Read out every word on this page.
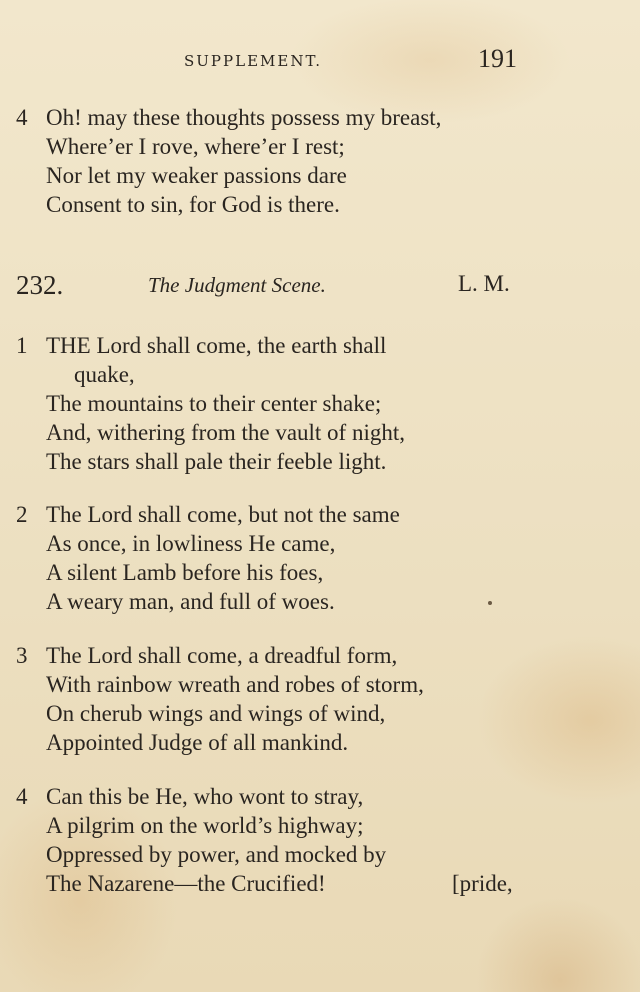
SUPPLEMENT.	191
4 Oh! may these thoughts possess my breast,
Where’er I rove, where’er I rest;
Nor let my weaker passions dare
Consent to sin, for God is there.
232.	The Judgment Scene.	L. M.
1 THE Lord shall come, the earth shall
quake,
The mountains to their center shake;
And, withering from the vault of night,
The stars shall pale their feeble light.
2 The Lord shall come, but not the same
As once, in lowliness He came,
A silent Lamb before his foes,
A weary man, and full of woes.
3 The Lord shall come, a dreadful form,
With rainbow wreath and robes of storm,
On cherub wings and wings of wind,
Appointed Judge of all mankind.
4 Can this be He, who wont to stray,
A pilgrim on the world’s highway;
Oppressed by power, and mocked by
The Nazarene—the Crucified!	[pride,
